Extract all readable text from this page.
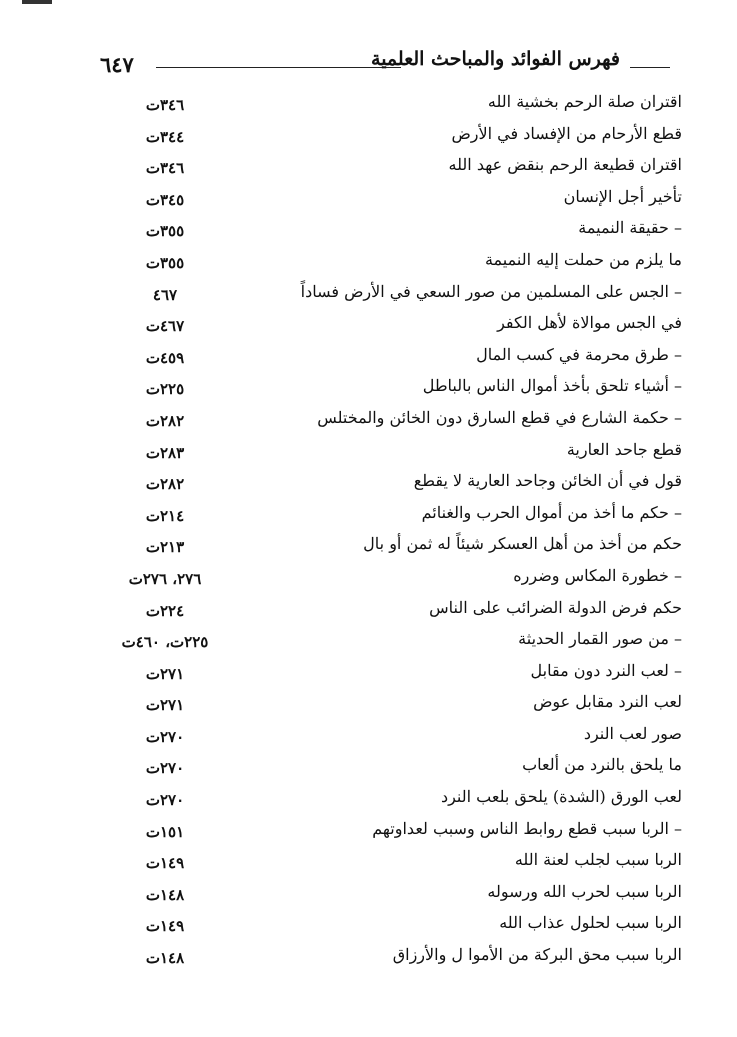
٦٤٧	فهرس الفوائد والمباحث العلمية
اقتران صلة الرحم بخشية الله
٣٤٦ت
قطع الأرحام من الإفساد في الأرض
٣٤٤ت
اقتران قطيعة الرحم بنقض عهد الله
٣٤٦ت
تأخير أجل الإنسان
٣٤٥ت
– حقيقة النميمة
٣٥٥ت
ما يلزم من حملت إليه النميمة
٣٥٥ت
– الجس على المسلمين من صور السعي في الأرض فساداً
٤٦٧
في الجس موالاة لأهل الكفر
٤٦٧ت
– طرق محرمة في كسب المال
٤٥٩ت
– أشياء تلحق بأخذ أموال الناس بالباطل
٢٢٥ت
– حكمة الشارع في قطع السارق دون الخائن والمختلس
٢٨٢ت
قطع جاحد العارية
٢٨٣ت
قول في أن الخائن وجاحد العارية لا يقطع
٢٨٢ت
– حكم ما أخذ من أموال الحرب والغنائم
٢١٤ت
حكم من أخذ من أهل العسكر شيئاً له ثمن أو بال
٢١٣ت
– خطورة المكاس وضرره
٢٧٦، ٢٧٦ت
حكم فرض الدولة الضرائب على الناس
٢٢٤ت
– من صور القمار الحديثة
٢٢٥ت، ٤٦٠ت
– لعب النرد دون مقابل
٢٧١ت
لعب النرد مقابل عوض
٢٧١ت
صور لعب النرد
٢٧٠ت
ما يلحق بالنرد من ألعاب
٢٧٠ت
لعب الورق (الشدة) يلحق بلعب النرد
٢٧٠ت
– الربا سبب قطع روابط الناس وسبب لعداوتهم
١٥١ت
الربا سبب لجلب لعنة الله
١٤٩ت
الربا سبب لحرب الله ورسوله
١٤٨ت
الربا سبب لحلول عذاب الله
١٤٩ت
الربا سبب محق البركة من الأموا ل والأرزاق
١٤٨ت
